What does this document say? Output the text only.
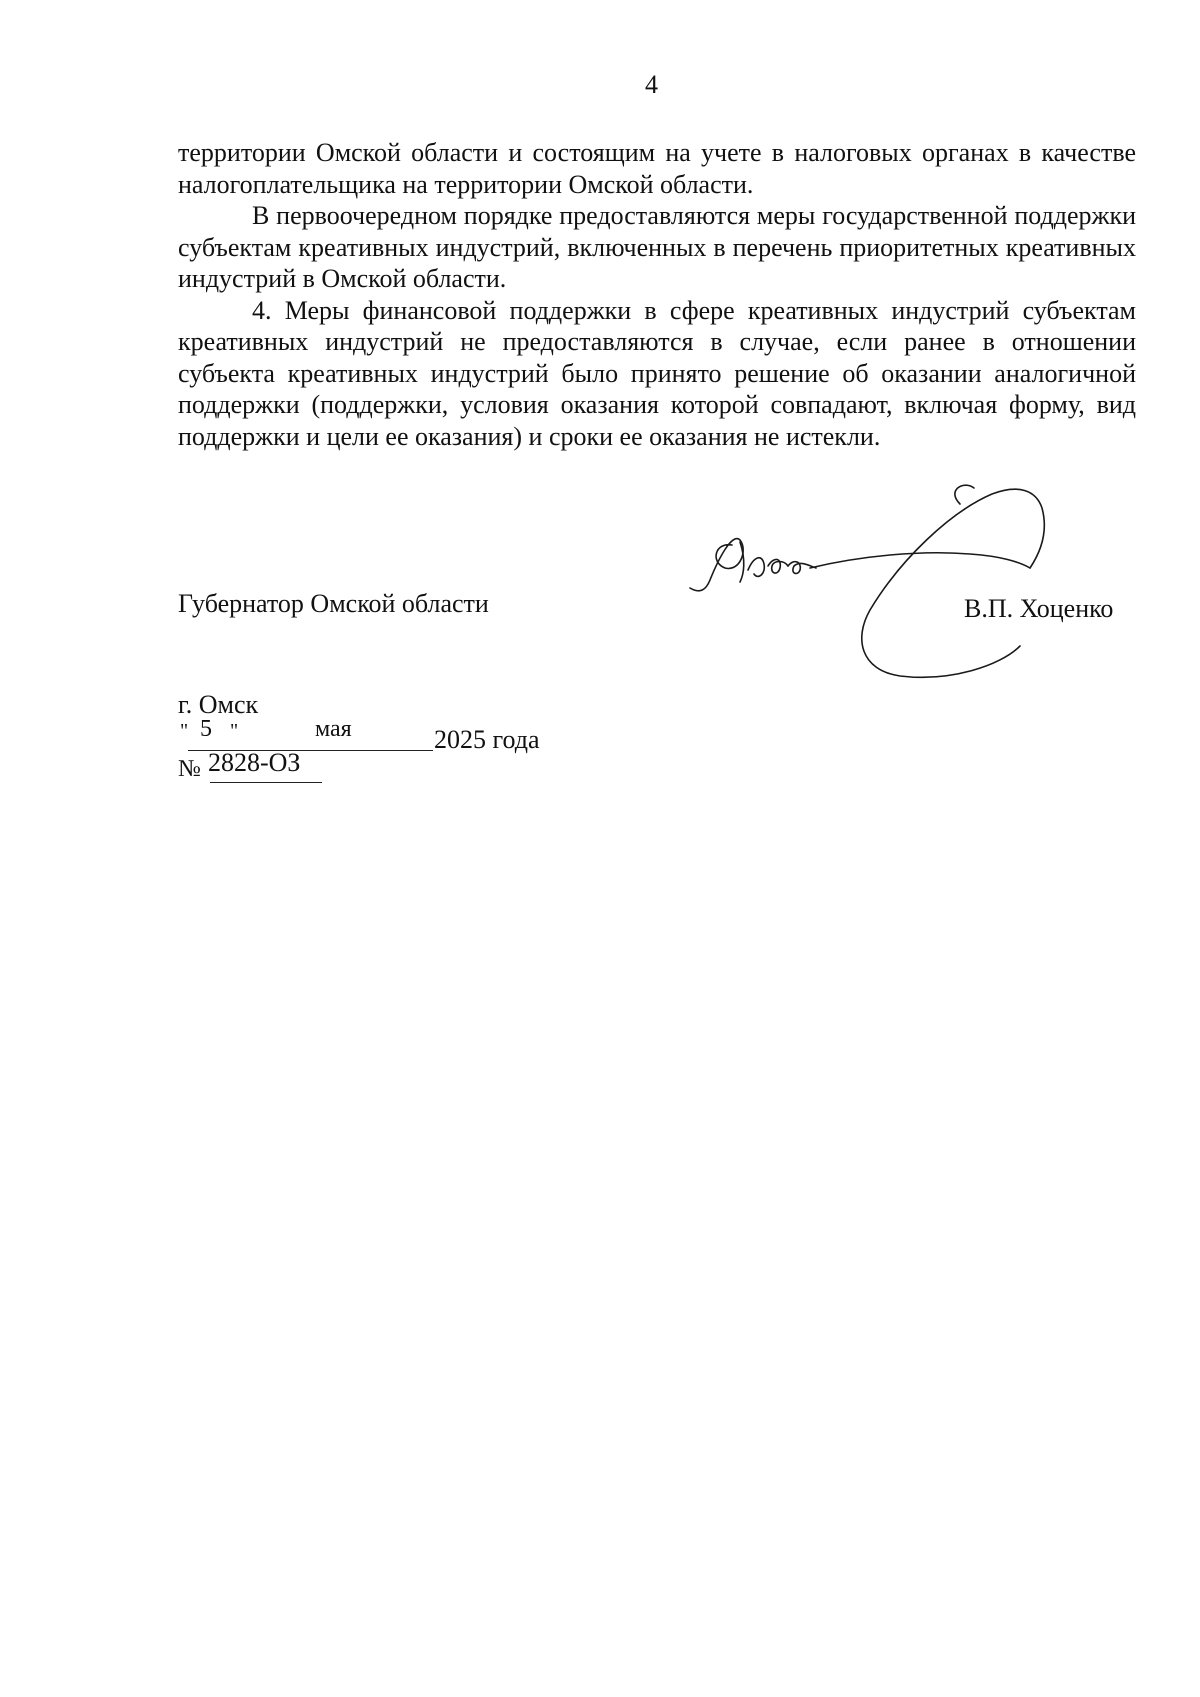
4

территории Омской области и состоящим на учете в налоговых органах в качестве налогоплательщика на территории Омской области.

В первоочередном порядке предоставляются меры государственной поддержки субъектам креативных индустрий, включенных в перечень приоритетных креативных индустрий в Омской области.

4. Меры финансовой поддержки в сфере креативных индустрий субъектам креативных индустрий не предоставляются в случае, если ранее в отношении субъекта креативных индустрий было принято решение об оказании аналогичной поддержки (поддержки, условия оказания которой совпадают, включая форму, вид поддержки и цели ее оказания) и сроки ее оказания не истекли.

Губернатор Омской области	В.П. Хоценко
г. Омск
" 5 "	мая	2025 года
№ 2828-ОЗ
